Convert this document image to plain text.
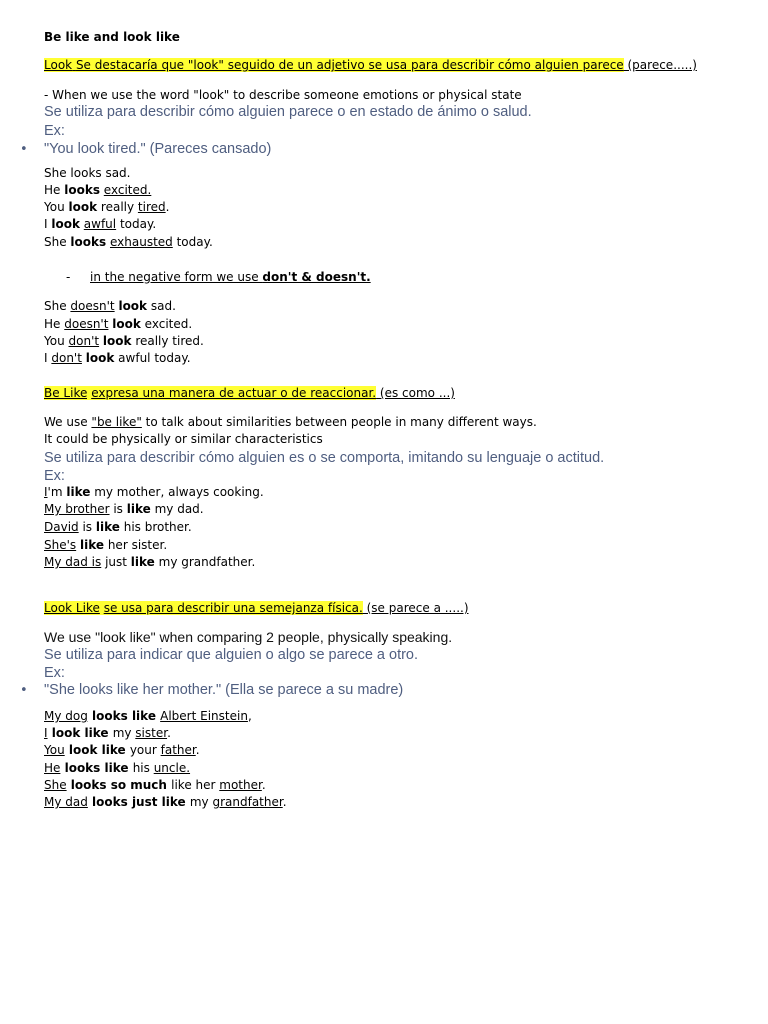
Be like and look like
Look Se destacaría que "look" seguido de un adjetivo se usa para describir cómo alguien parece (parece.....)
- When we use the word "look" to describe someone emotions or physical state
Se utiliza para describir cómo alguien parece o en estado de ánimo o salud.
Ex:
• "You look tired." (Pareces cansado)
She looks sad.
He looks excited.
You look really tired.
I look awful today.
She looks exhausted today.
- in the negative form we use don't & doesn't.
She doesn't look sad.
He doesn't look excited.
You don't look really tired.
I don't look awful today.
Be Like expresa una manera de actuar o de reaccionar. (es como ...)
We use "be like" to talk about similarities between people in many different ways.
It could be physically or similar characteristics
Se utiliza para describir cómo alguien es o se comporta, imitando su lenguaje o actitud.
Ex:
I'm like my mother, always cooking.
My brother is like my dad.
David is like his brother.
She's like her sister.
My dad is just like my grandfather.
Look Like se usa para describir una semejanza física. (se parece a .....)
We use "look like" when comparing 2 people, physically speaking.
Se utiliza para indicar que alguien o algo se parece a otro.
Ex:
• "She looks like her mother." (Ella se parece a su madre)
My dog looks like Albert Einstein,
I look like my sister.
You look like your father.
He looks like his uncle.
She looks so much like her mother.
My dad looks just like my grandfather.
